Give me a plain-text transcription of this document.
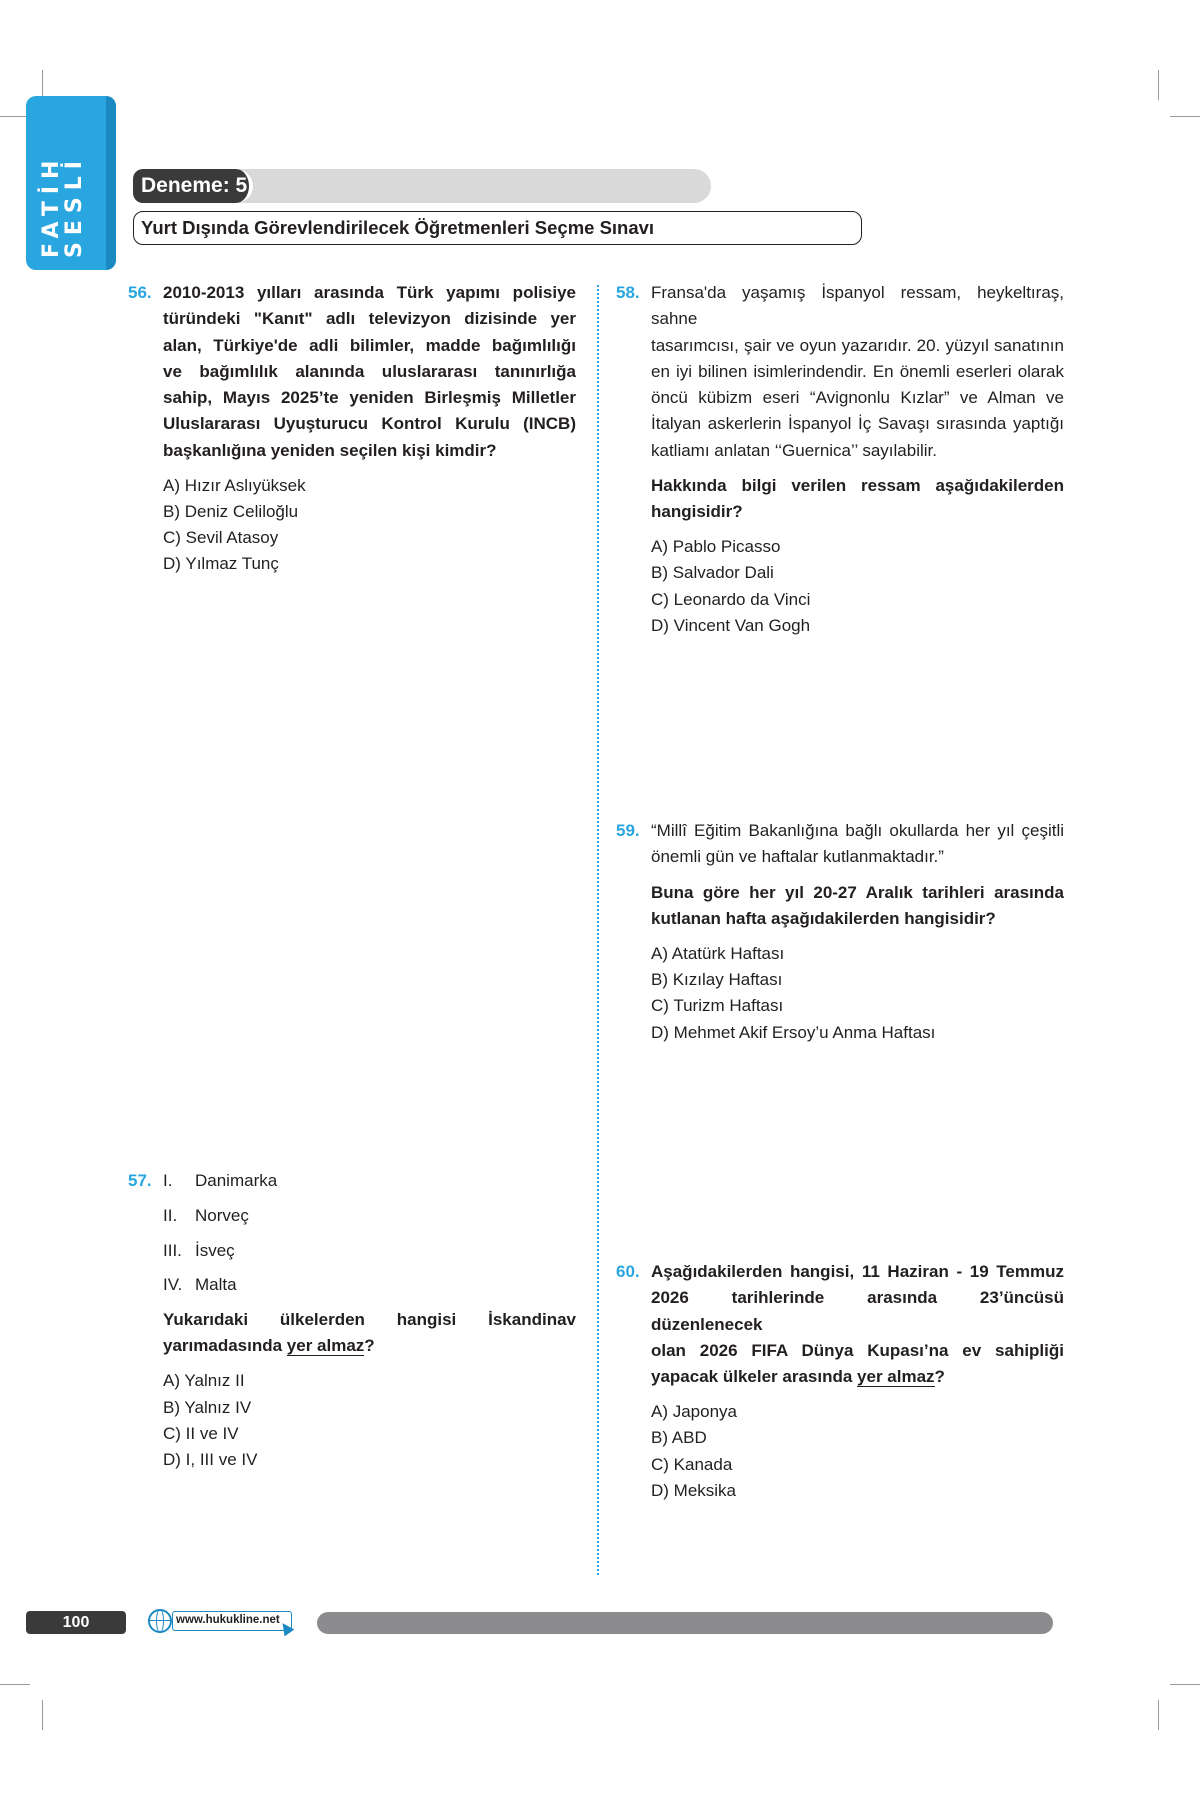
FATİH SESLİ	Deneme: 5
Yurt Dışında Görevlendirilecek Öğretmenleri Seçme Sınavı
56. 2010-2013 yılları arasında Türk yapımı polisiye

türündeki "Kanıt" adlı televizyon dizisinde yer

alan, Türkiye'de adli bilimler, madde bağımlılığı

ve bağımlılık alanında uluslararası tanınırlığa

sahip, Mayıs 2025’te yeniden Birleşmiş Milletler

Uluslararası Uyuşturucu Kontrol Kurulu (INCB)

başkanlığına yeniden seçilen kişi kimdir?

A) Hızır Aslıyüksek

B) Deniz Celiloğlu

C) Sevil Atasoy

D) Yılmaz Tunç

57. I.	Danimarka
II.	Norveç
III. İsveç
IV. Malta

Yukarıdaki ülkelerden hangisi İskandinav

yarımadasında yer almaz?

A) Yalnız II

B) Yalnız IV

C) II ve IV

D) I, III ve IV

58. Fransa'da yaşamış İspanyol ressam, heykeltıraş, sahne

tasarımcısı, şair ve oyun yazarıdır. 20. yüzyıl sanatının

en iyi bilinen isimlerindendir. En önemli eserleri olarak

öncü kübizm eseri “Avignonlu Kızlar” ve Alman ve

İtalyan askerlerin İspanyol İç Savaşı sırasında yaptığı

katliamı anlatan ‘‘Guernica’’ sayılabilir.

Hakkında bilgi verilen ressam aşağıdakilerden

hangisidir?

A) Pablo Picasso

B) Salvador Dali

C) Leonardo da Vinci

D) Vincent Van Gogh

59. “Millî Eğitim Bakanlığına bağlı okullarda her yıl çeşitli

önemli gün ve haftalar kutlanmaktadır.”

Buna göre her yıl 20-27 Aralık tarihleri arasında

kutlanan hafta aşağıdakilerden hangisidir?

A) Atatürk Haftası

B) Kızılay Haftası

C) Turizm Haftası

D) Mehmet Akif Ersoy’u Anma Haftası

60. Aşağıdakilerden hangisi, 11 Haziran - 19 Temmuz

2026 tarihlerinde arasında 23’üncüsü düzenlenecek

olan 2026 FIFA Dünya Kupası’na ev sahipliği

yapacak ülkeler arasında yer almaz?

A) Japonya

B) ABD

C) Kanada

D) Meksika

100	www.hukukline.net
